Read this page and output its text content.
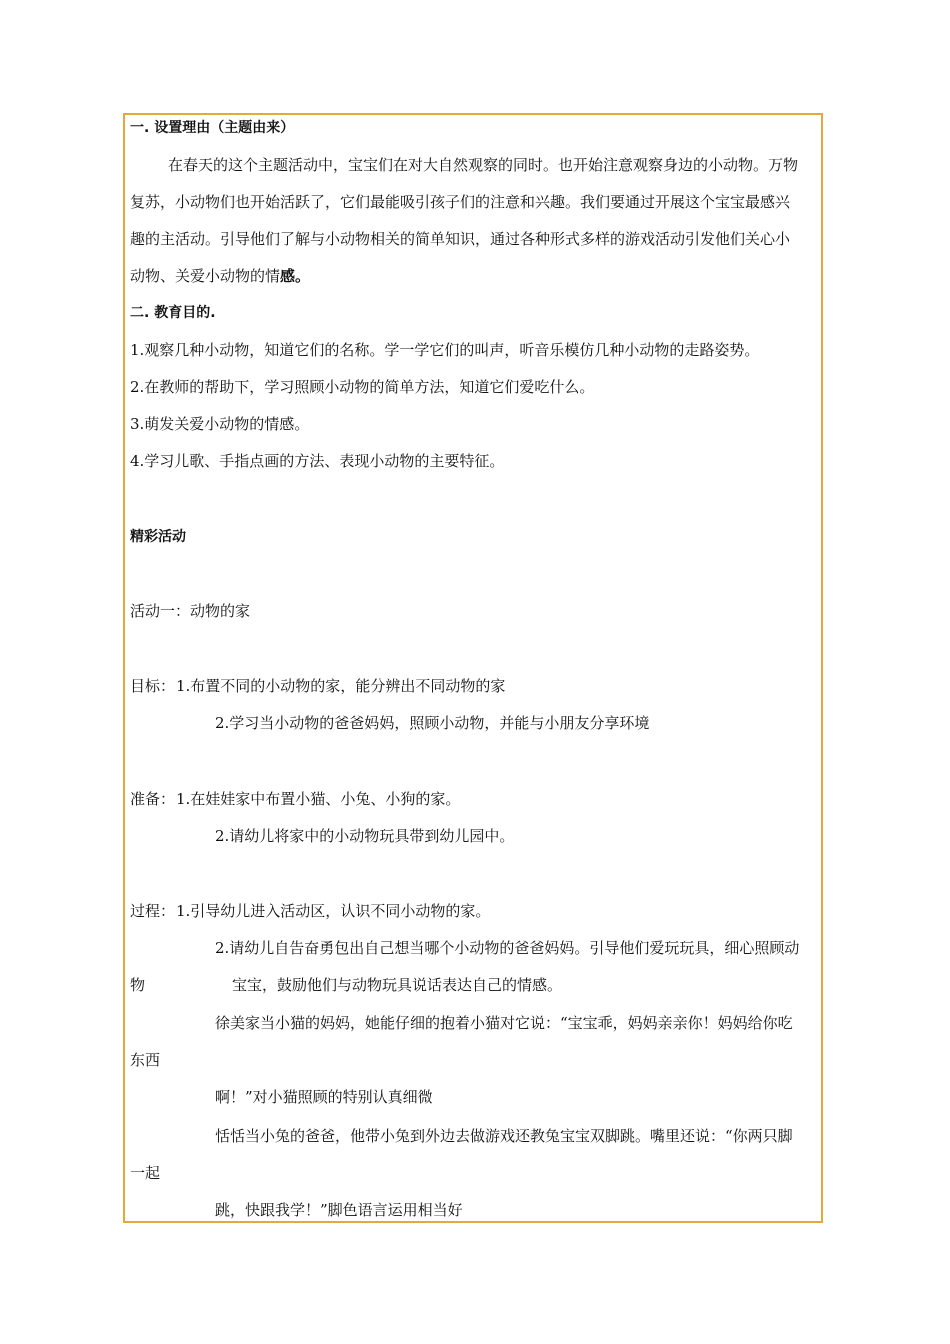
一. 设置理由（主题由来）
在春天的这个主题活动中，宝宝们在对大自然观察的同时。也开始注意观察身边的小动物。万物
复苏，小动物们也开始活跃了，它们最能吸引孩子们的注意和兴趣。我们要通过开展这个宝宝最感兴
趣的主活动。引导他们了解与小动物相关的简单知识，通过各种形式多样的游戏活动引发他们关心小
动物、关爱小动物的情感。
二. 教育目的.
1.观察几种小动物，知道它们的名称。学一学它们的叫声，听音乐模仿几种小动物的走路姿势。
2.在教师的帮助下，学习照顾小动物的简单方法，知道它们爱吃什么。
3.萌发关爱小动物的情感。
4.学习儿歌、手指点画的方法、表现小动物的主要特征。
精彩活动
活动一：动物的家
目标： 1.布置不同的小动物的家，能分辨出不同动物的家
2.学习当小动物的爸爸妈妈，照顾小动物，并能与小朋友分享环境
准备： 1.在娃娃家中布置小猫、小兔、小狗的家。
2.请幼儿将家中的小动物玩具带到幼儿园中。
过程： 1.引导幼儿进入活动区，认识不同小动物的家。
2.请幼儿自告奋勇包出自己想当哪个小动物的爸爸妈妈。引导他们爱玩玩具，细心照顾动
物	宝宝，鼓励他们与动物玩具说话表达自己的情感。
徐美家当小猫的妈妈，她能仔细的抱着小猫对它说：“宝宝乖，妈妈亲亲你！妈妈给你吃
东西
啊！”对小猫照顾的特别认真细微
恬恬当小兔的爸爸，他带小兔到外边去做游戏还教兔宝宝双脚跳。嘴里还说：“你两只脚
一起
跳，快跟我学！”脚色语言运用相当好
